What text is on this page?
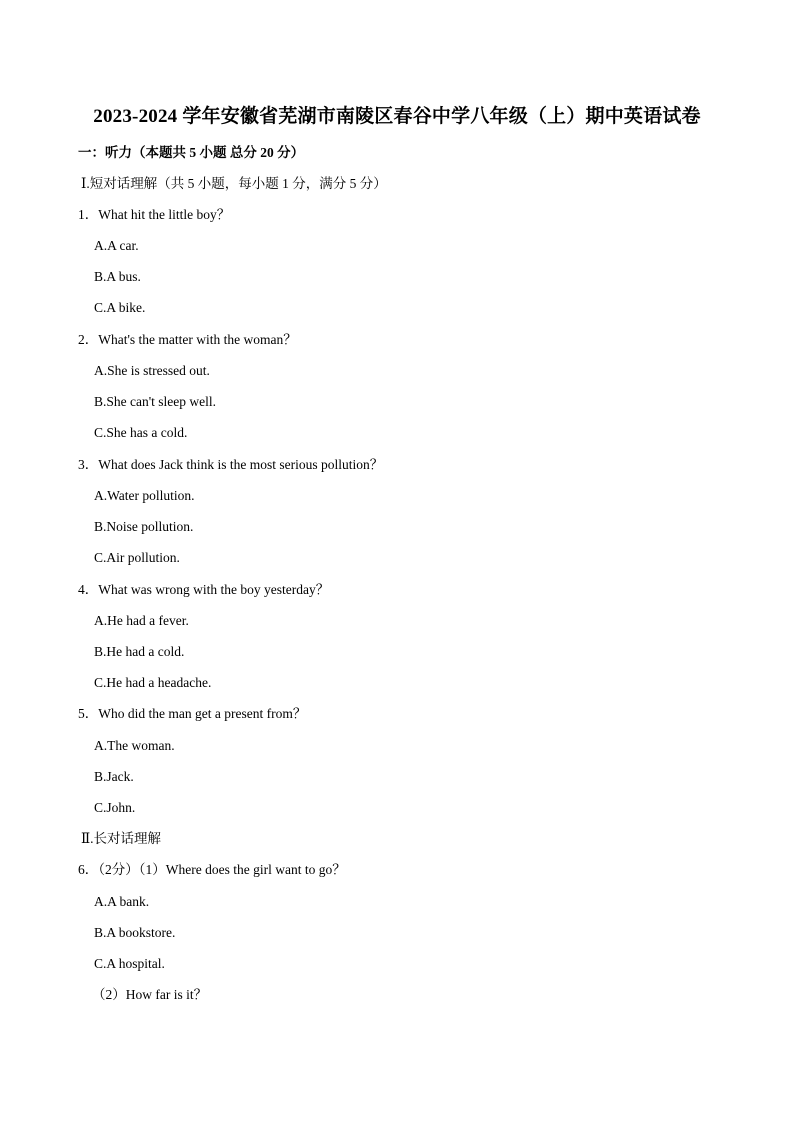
2023-2024 学年安徽省芜湖市南陵区春谷中学八年级（上）期中英语试卷
一：听力（本题共 5 小题 总分 20 分）
Ⅰ.短对话理解（共 5 小题，每小题 1 分，满分 5 分）
1．What hit the little boy？
A.A car.
B.A bus.
C.A bike.
2．What's the matter with the woman？
A.She is stressed out.
B.She can't sleep well.
C.She has a cold.
3．What does Jack think is the most serious pollution？
A.Water pollution.
B.Noise pollution.
C.Air pollution.
4．What was wrong with the boy yesterday？
A.He had a fever.
B.He had a cold.
C.He had a headache.
5．Who did the man get a present from？
A.The woman.
B.Jack.
C.John.
Ⅱ.长对话理解
6．（2分）（1）Where does the girl want to go？
A.A bank.
B.A bookstore.
C.A hospital.
（2）How far is it？
